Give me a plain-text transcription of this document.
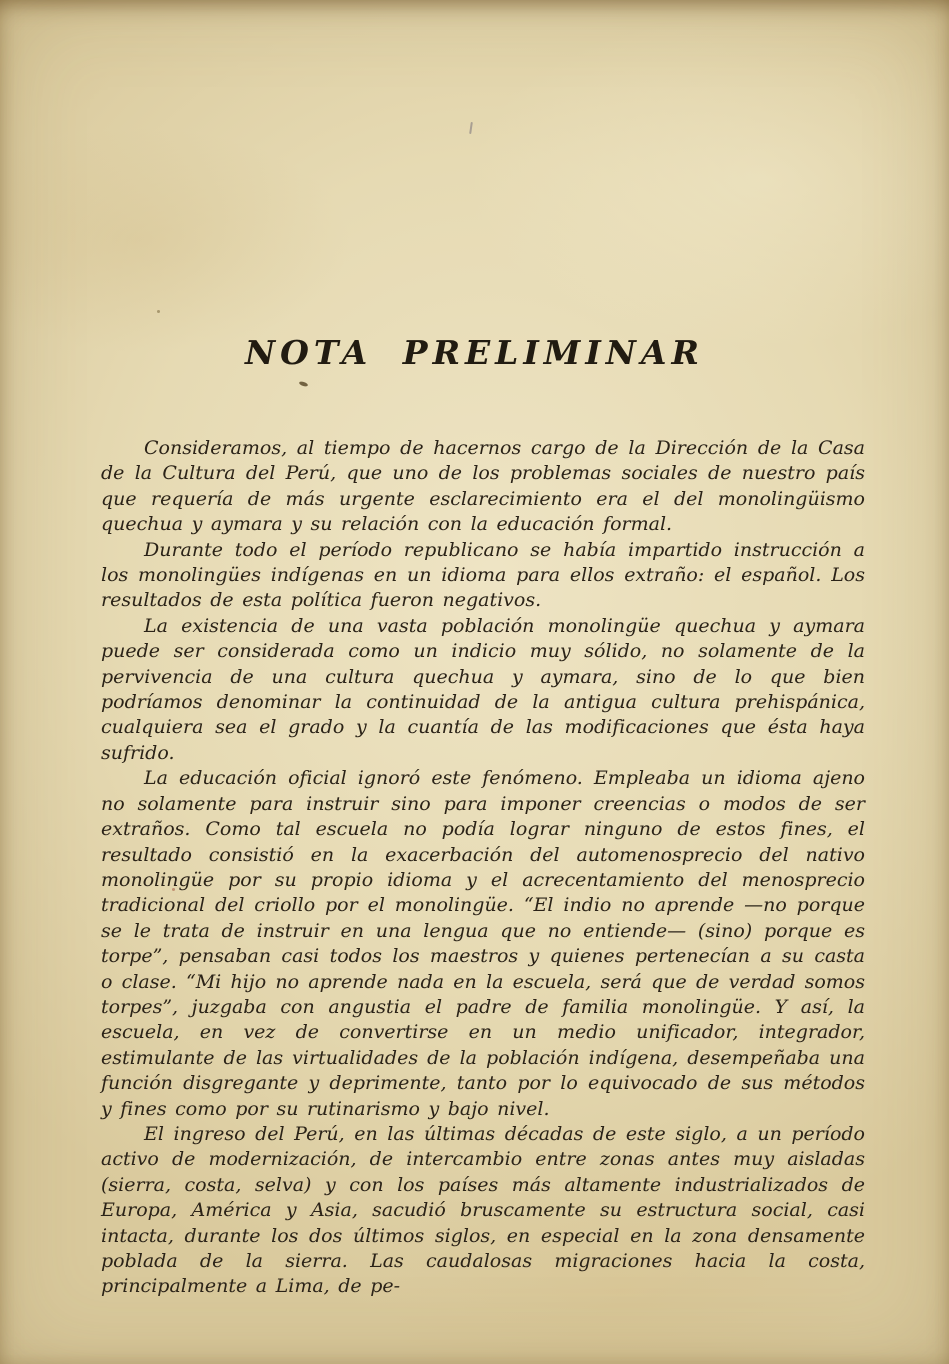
NOTA PRELIMINAR

Consideramos, al tiempo de hacernos cargo de la Dirección de la Casa de la Cultura del Perú, que uno de los problemas sociales de nuestro país que requería de más urgente esclarecimiento era el del monolingüismo quechua y aymara y su relación con la educación formal.

Durante todo el período republicano se había impartido instrucción a los monolingües indígenas en un idioma para ellos extraño: el español. Los resultados de esta política fueron negativos.

La existencia de una vasta población monolingüe quechua y aymara puede ser considerada como un indicio muy sólido, no solamente de la pervivencia de una cultura quechua y aymara, sino de lo que bien podríamos denominar la continuidad de la antigua cultura prehispánica, cualquiera sea el grado y la cuantía de las modificaciones que ésta haya sufrido.

La educación oficial ignoró este fenómeno. Empleaba un idioma ajeno no solamente para instruir sino para imponer creencias o modos de ser extraños. Como tal escuela no podía lograr ninguno de estos fines, el resultado consistió en la exacerbación del automenosprecio del nativo monolingüe por su propio idioma y el acrecentamiento del menosprecio tradicional del criollo por el monolingüe. “El indio no aprende —no porque se le trata de instruir en una lengua que no entiende— (sino) porque es torpe”, pensaban casi todos los maestros y quienes pertenecían a su casta o clase. “Mi hijo no aprende nada en la escuela, será que de verdad somos torpes”, juzgaba con angustia el padre de familia monolingüe. Y así, la escuela, en vez de convertirse en un medio unificador, integrador, estimulante de las virtualidades de la población indígena, desempeñaba una función disgregante y deprimente, tanto por lo equivocado de sus métodos y fines como por su rutinarismo y bajo nivel.

El ingreso del Perú, en las últimas décadas de este siglo, a un período activo de modernización, de intercambio entre zonas antes muy aisladas (sierra, costa, selva) y con los países más altamente industrializados de Europa, América y Asia, sacudió bruscamente su estructura social, casi intacta, durante los dos últimos siglos, en especial en la zona densamente poblada de la sierra. Las caudalosas migraciones hacia la costa, principalmente a Lima, de pe-
